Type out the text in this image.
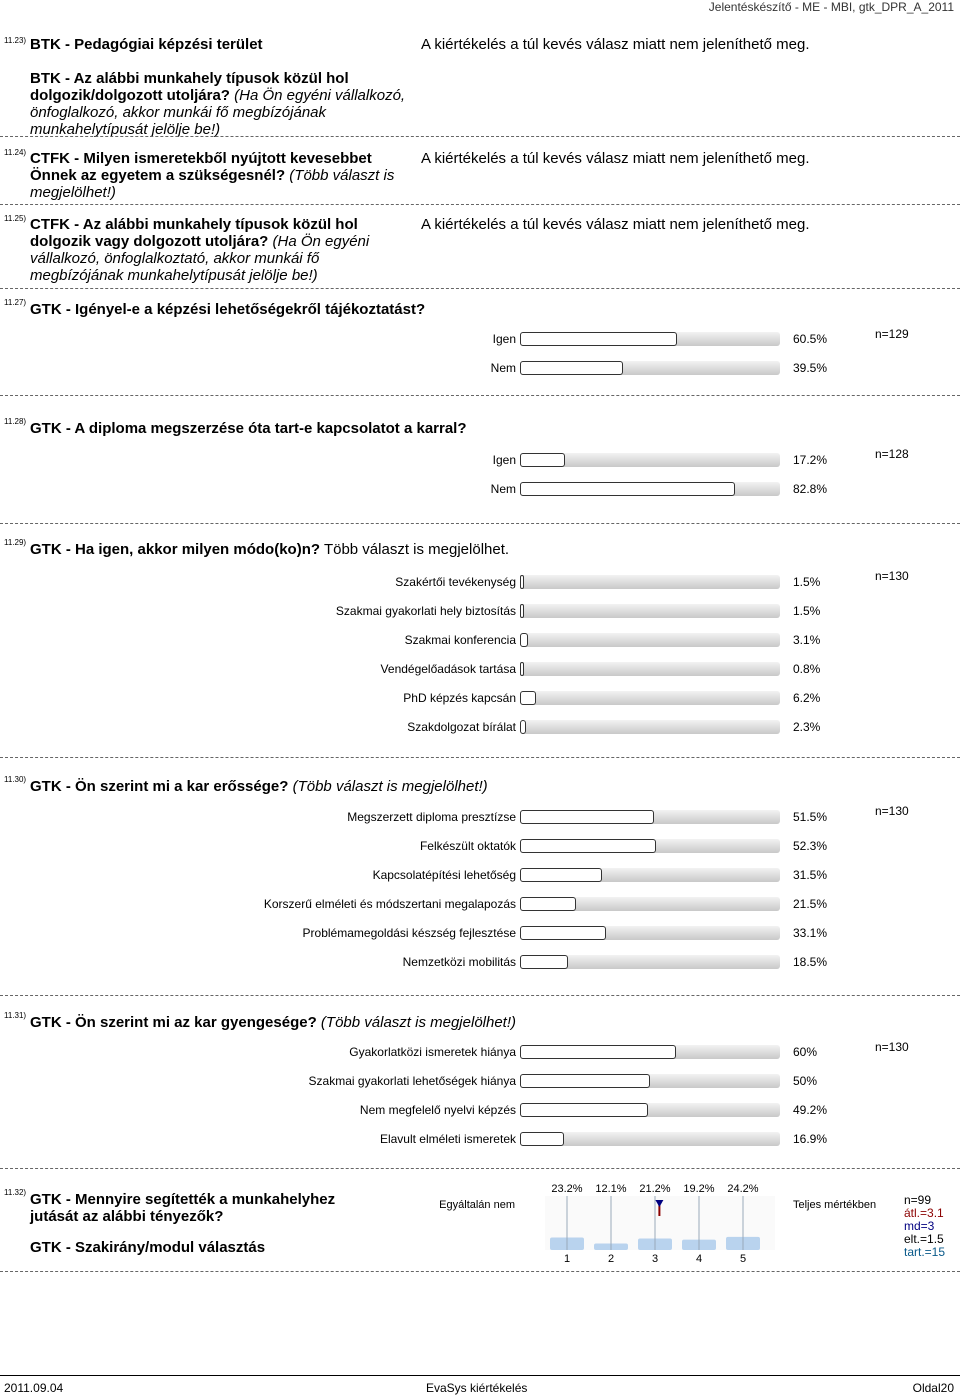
Jelentéskészítő - ME - MBI, gtk_DPR_A_2011
11.23) BTK - Pedagógiai képzési terület	A kiértékelés a túl kevés válasz miatt nem jeleníthető meg.
BTK - Az alábbi munkahely típusok közül hol dolgozik/dolgozott utoljára? (Ha Ön egyéni vállalkozó, önfoglalkozó, akkor munkái fő megbízójának munkahelytípusát jelölje be!)
11.24) CTFK - Milyen ismeretekből nyújtott kevesebbet Önnek az egyetem a szükségesnél? (Több választ is megjelölhet!)
A kiértékelés a túl kevés válasz miatt nem jeleníthető meg.
11.25) CTFK - Az alábbi munkahely típusok közül hol dolgozik vagy dolgozott utoljára? (Ha Ön egyéni vállalkozó, önfoglalkoztató, akkor munkái fő megbízójának munkahelytípusát jelölje be!)
A kiértékelés a túl kevés válasz miatt nem jeleníthető meg.
11.27) GTK - Igényel-e a képzési lehetőségekről tájékoztatást?
n=129
Igen	60.5%
Nem	39.5%
11.28) GTK - A diploma megszerzése óta tart-e kapcsolatot a karral?
n=128
Igen	17.2%
Nem	82.8%
11.29) GTK - Ha igen, akkor milyen módo(ko)n? Több választ is megjelölhet.
n=130
Szakértői tevékenység	1.5%
Szakmai gyakorlati hely biztosítás	1.5%
Szakmai konferencia	3.1%
Vendégelőadások tartása	0.8%
PhD képzés kapcsán	6.2%
Szakdolgozat bírálat	2.3%
11.30) GTK - Ön szerint mi a kar erőssége? (Több választ is megjelölhet!)
n=130
Megszerzett diploma presztízse	51.5%
Felkészült oktatók	52.3%
Kapcsolatépítési lehetőség	31.5%
Korszerű elméleti és módszertani megalapozás	21.5%
Problémamegoldási készség fejlesztése	33.1%
Nemzetközi mobilitás	18.5%
11.31) GTK - Ön szerint mi az kar gyengesége? (Több választ is megjelölhet!)
n=130
Gyakorlatközi ismeretek hiánya	60%
Szakmai gyakorlati lehetőségek hiánya	50%
Nem megfelelő nyelvi képzés	49.2%
Elavult elméleti ismeretek	16.9%
11.32) GTK - Mennyire segítették a munkahelyhez jutását az alábbi tényezők?
GTK - Szakirány/modul választás
Egyáltalán nem	Teljes mértékben
23.2% 12.1% 21.2% 19.2% 24.2%
1	2	3	4	5
n=99
átl.=3.1
md=3
elt.=1.5
tart.=15
2011.09.04	EvaSys kiértékelés	Oldal20
